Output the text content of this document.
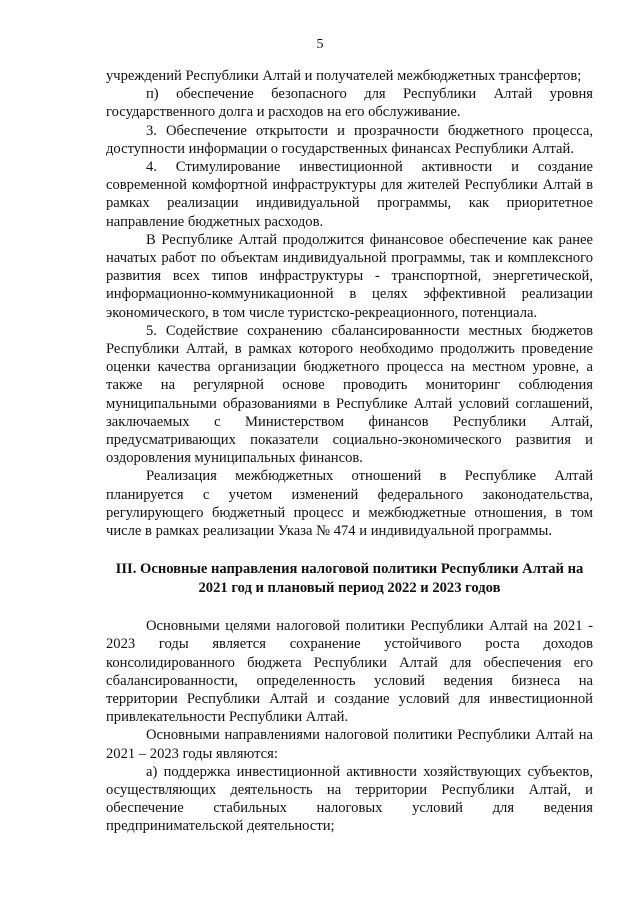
5

учреждений Республики Алтай и получателей межбюджетных трансфертов;

п) обеспечение безопасного для Республики Алтай уровня государственного долга и расходов на его обслуживание.

3. Обеспечение открытости и прозрачности бюджетного процесса, доступности информации о государственных финансах Республики Алтай.

4. Стимулирование инвестиционной активности и создание современной комфортной инфраструктуры для жителей Республики Алтай в рамках реализации индивидуальной программы, как приоритетное направление бюджетных расходов.

В Республике Алтай продолжится финансовое обеспечение как ранее начатых работ по объектам индивидуальной программы, так и комплексного развития всех типов инфраструктуры - транспортной, энергетической, информационно-коммуникационной в целях эффективной реализации экономического, в том числе туристско-рекреационного, потенциала.

5. Содействие сохранению сбалансированности местных бюджетов Республики Алтай, в рамках которого необходимо продолжить проведение оценки качества организации бюджетного процесса на местном уровне, а также на регулярной основе проводить мониторинг соблюдения муниципальными образованиями в Республике Алтай условий соглашений, заключаемых с Министерством финансов Республики Алтай, предусматривающих показатели социально-экономического развития и оздоровления муниципальных финансов.

Реализация межбюджетных отношений в Республике Алтай планируется с учетом изменений федерального законодательства, регулирующего бюджетный процесс и межбюджетные отношения, в том числе в рамках реализации Указа № 474 и индивидуальной программы.

III. Основные направления налоговой политики Республики Алтай на 2021 год и плановый период 2022 и 2023 годов

Основными целями налоговой политики Республики Алтай на 2021 - 2023 годы является сохранение устойчивого роста доходов консолидированного бюджета Республики Алтай для обеспечения его сбалансированности, определенность условий ведения бизнеса на территории Республики Алтай и создание условий для инвестиционной привлекательности Республики Алтай.

Основными направлениями налоговой политики Республики Алтай на 2021 – 2023 годы являются:

а) поддержка инвестиционной активности хозяйствующих субъектов, осуществляющих деятельность на территории Республики Алтай, и обеспечение стабильных налоговых условий для ведения предпринимательской деятельности;
